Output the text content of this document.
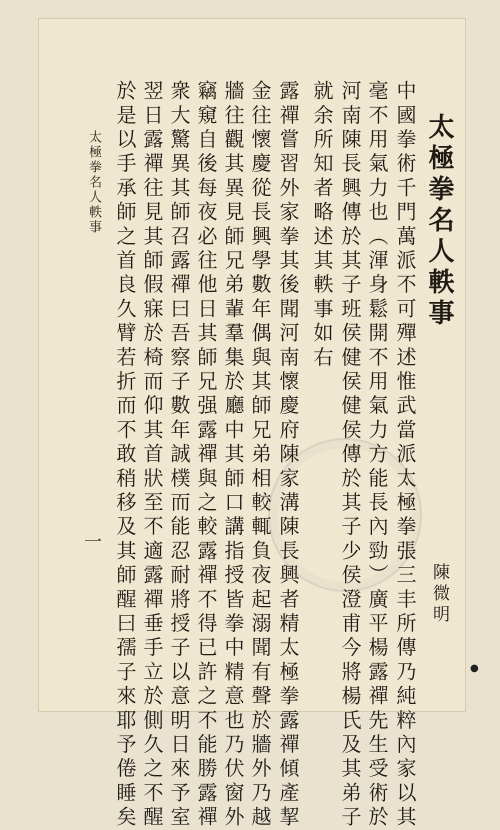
中國拳術千門萬派不可殫述惟武當派太極拳張三丰所傳乃純粹內家以其
毫不用氣力也（渾身鬆開不用氣力方能長內勁）廣平楊露禪先生受術於
河南陳長興傳於其子班侯健侯健侯傳於其子少侯澄甫今將楊氏及其弟子
就余所知者略述其軼事如右
露禪嘗習外家拳其後聞河南懷慶府陳家溝陳長興者精太極拳露禪傾產挈
金往懷慶從長興學數年偶與其師兄弟相較輒負夜起溺聞有聲於牆外乃越
牆往觀其異見師兄弟輩羣集於廳中其師口講指授皆拳中精意也乃伏窗外
竊窺自後每夜必往他日其師兄强露禪與之較露禪不得已許之不能勝露禪
衆大驚異其師召露禪曰吾察子數年誠樸而能忍耐將授子以意明日來予室
翌日露禪往見其師假寐於椅而仰其首狀至不適露禪垂手立於側久之不醒
於是以手承師之首良久臂若折而不敢稍移及其師醒曰孺子來耶予倦睡矣	太極拳名人軼事
陳微明
太極拳名人軼事
一
●
